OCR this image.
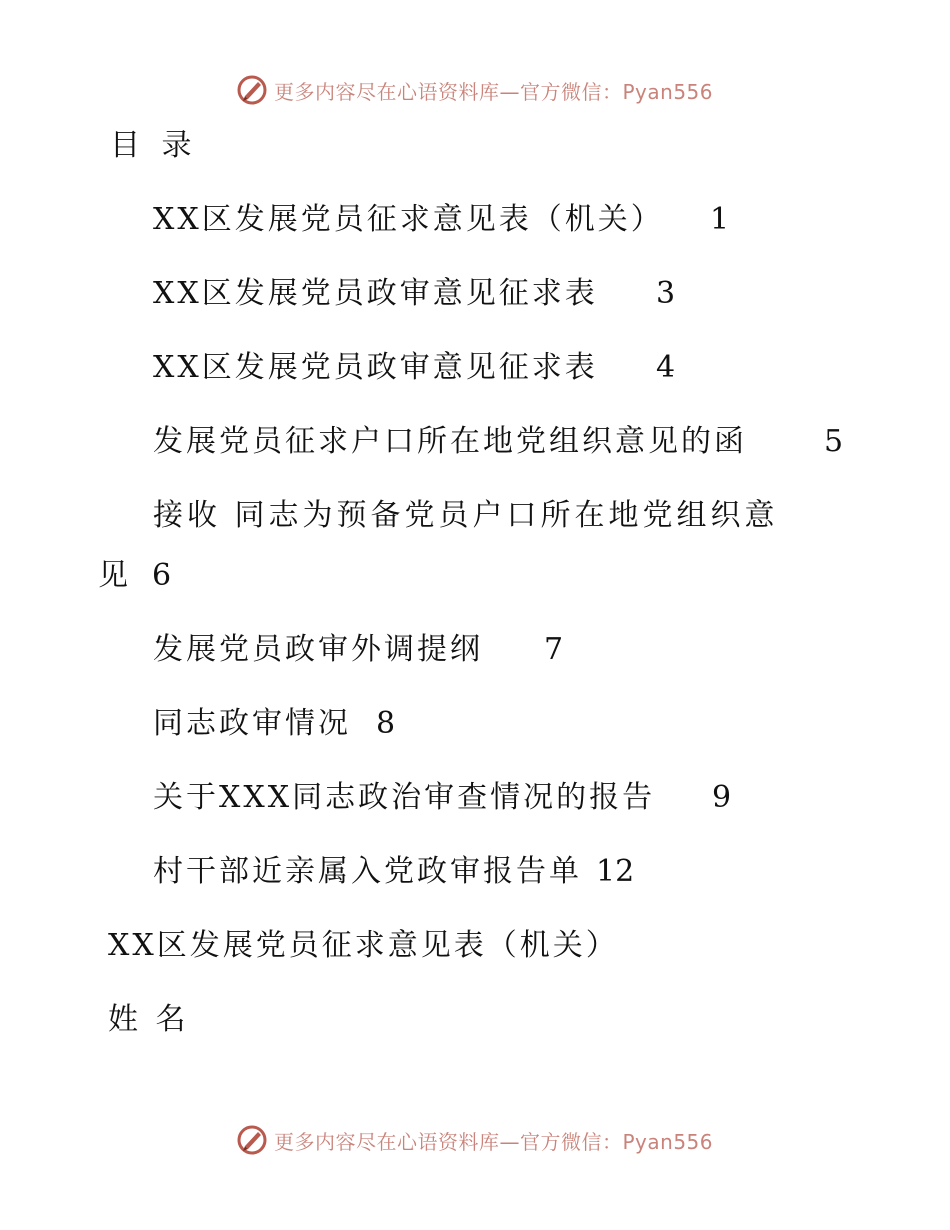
更多内容尽在心语资料库—官方微信：Pyan556
目 录
XX区发展党员征求意见表（机关） 1
XX区发展党员政审意见征求表 3
XX区发展党员政审意见征求表 4
发展党员征求户口所在地党组织意见的函	5
接收 同志为预备党员户口所在地党组织意
见 6
发展党员政审外调提纲 7
同志政审情况 8
关于XXX同志政治审查情况的报告 9
村干部近亲属入党政审报告单 12
XX区发展党员征求意见表（机关）
姓 名
更多内容尽在心语资料库—官方微信：Pyan556
